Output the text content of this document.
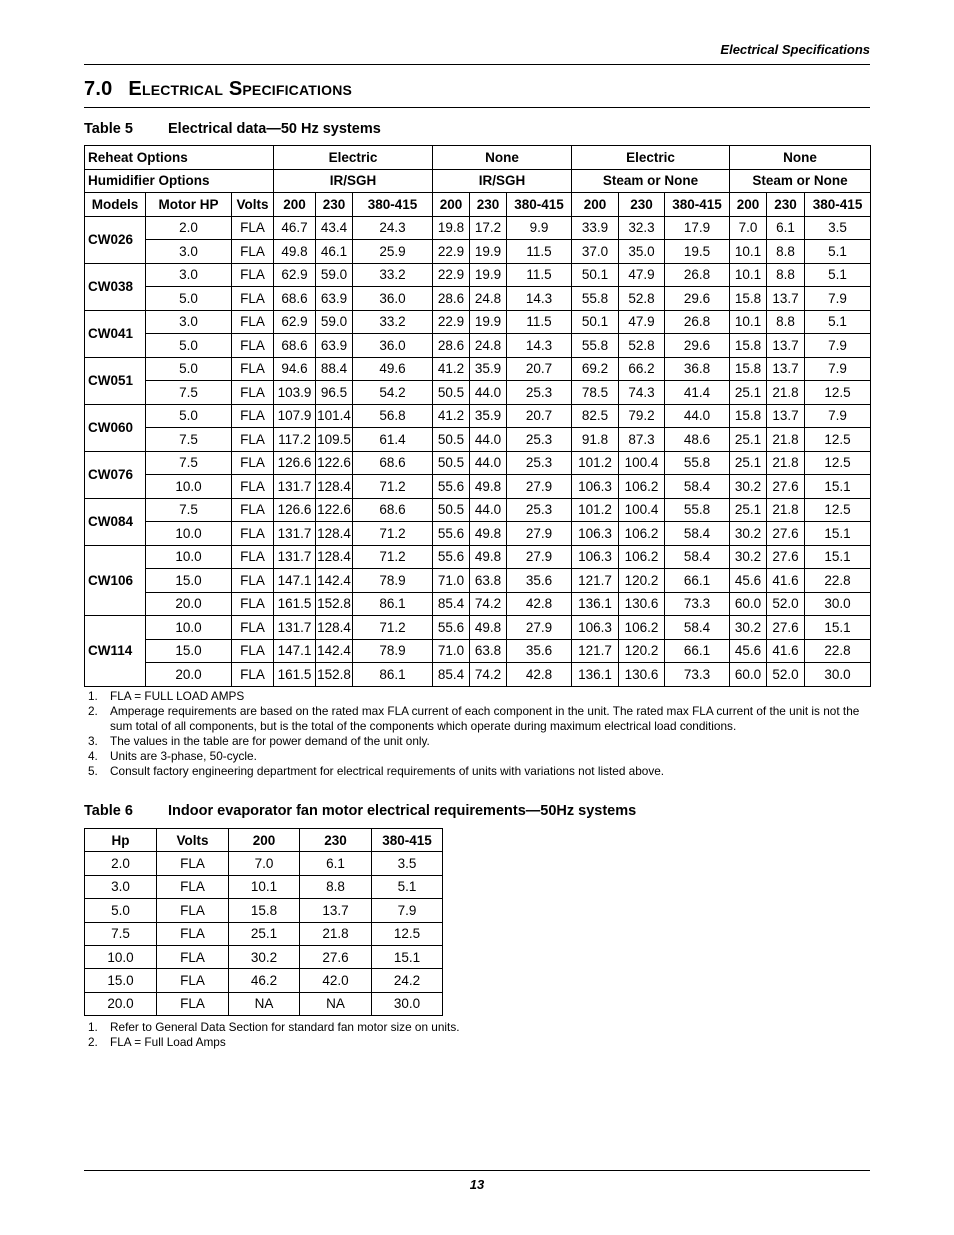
Electrical Specifications
7.0 Electrical Specifications
Table 5 Electrical data—50 Hz systems
Reheat Options			Electric			None			Electric			None		
Humidifier Options			IR/SGH			IR/SGH			Steam or None			Steam or None		
Models	Motor HP	Volts	200	230	380-415	200	230	380-415	200	230	380-415	200	230	380-415
CW026	2.0	FLA	46.7	43.4	24.3	19.8	17.2	9.9	33.9	32.3	17.9	7.0	6.1	3.5
	3.0	FLA	49.8	46.1	25.9	22.9	19.9	11.5	37.0	35.0	19.5	10.1	8.8	5.1
CW038	3.0	FLA	62.9	59.0	33.2	22.9	19.9	11.5	50.1	47.9	26.8	10.1	8.8	5.1
	5.0	FLA	68.6	63.9	36.0	28.6	24.8	14.3	55.8	52.8	29.6	15.8	13.7	7.9
CW041	3.0	FLA	62.9	59.0	33.2	22.9	19.9	11.5	50.1	47.9	26.8	10.1	8.8	5.1
	5.0	FLA	68.6	63.9	36.0	28.6	24.8	14.3	55.8	52.8	29.6	15.8	13.7	7.9
CW051	5.0	FLA	94.6	88.4	49.6	41.2	35.9	20.7	69.2	66.2	36.8	15.8	13.7	7.9
	7.5	FLA	103.9	96.5	54.2	50.5	44.0	25.3	78.5	74.3	41.4	25.1	21.8	12.5
CW060	5.0	FLA	107.9	101.4	56.8	41.2	35.9	20.7	82.5	79.2	44.0	15.8	13.7	7.9
	7.5	FLA	117.2	109.5	61.4	50.5	44.0	25.3	91.8	87.3	48.6	25.1	21.8	12.5
CW076	7.5	FLA	126.6	122.6	68.6	50.5	44.0	25.3	101.2	100.4	55.8	25.1	21.8	12.5
	10.0	FLA	131.7	128.4	71.2	55.6	49.8	27.9	106.3	106.2	58.4	30.2	27.6	15.1
CW084	7.5	FLA	126.6	122.6	68.6	50.5	44.0	25.3	101.2	100.4	55.8	25.1	21.8	12.5
	10.0	FLA	131.7	128.4	71.2	55.6	49.8	27.9	106.3	106.2	58.4	30.2	27.6	15.1
CW106	10.0	FLA	131.7	128.4	71.2	55.6	49.8	27.9	106.3	106.2	58.4	30.2	27.6	15.1
	15.0	FLA	147.1	142.4	78.9	71.0	63.8	35.6	121.7	120.2	66.1	45.6	41.6	22.8
	20.0	FLA	161.5	152.8	86.1	85.4	74.2	42.8	136.1	130.6	73.3	60.0	52.0	30.0
CW114	10.0	FLA	131.7	128.4	71.2	55.6	49.8	27.9	106.3	106.2	58.4	30.2	27.6	15.1
	15.0	FLA	147.1	142.4	78.9	71.0	63.8	35.6	121.7	120.2	66.1	45.6	41.6	22.8
	20.0	FLA	161.5	152.8	86.1	85.4	74.2	42.8	136.1	130.6	73.3	60.0	52.0	30.0
1.	FLA = FULL LOAD AMPS
2.	Amperage requirements are based on the rated max FLA current of each component in the unit. The rated max FLA current of the unit is not the sum total of all components, but is the total of the components which operate during maximum electrical load conditions.
3.	The values in the table are for power demand of the unit only.
4.	Units are 3-phase, 50-cycle.
5.	Consult factory engineering department for electrical requirements of units with variations not listed above.
Table 6 Indoor evaporator fan motor electrical requirements—50Hz systems
Hp	Volts	200	230	380-415
2.0	FLA	7.0	6.1	3.5
3.0	FLA	10.1	8.8	5.1
5.0	FLA	15.8	13.7	7.9
7.5	FLA	25.1	21.8	12.5
10.0	FLA	30.2	27.6	15.1
15.0	FLA	46.2	42.0	24.2
20.0	FLA	NA	NA	30.0
1.	Refer to General Data Section for standard fan motor size on units.
2.	FLA = Full Load Amps
13
